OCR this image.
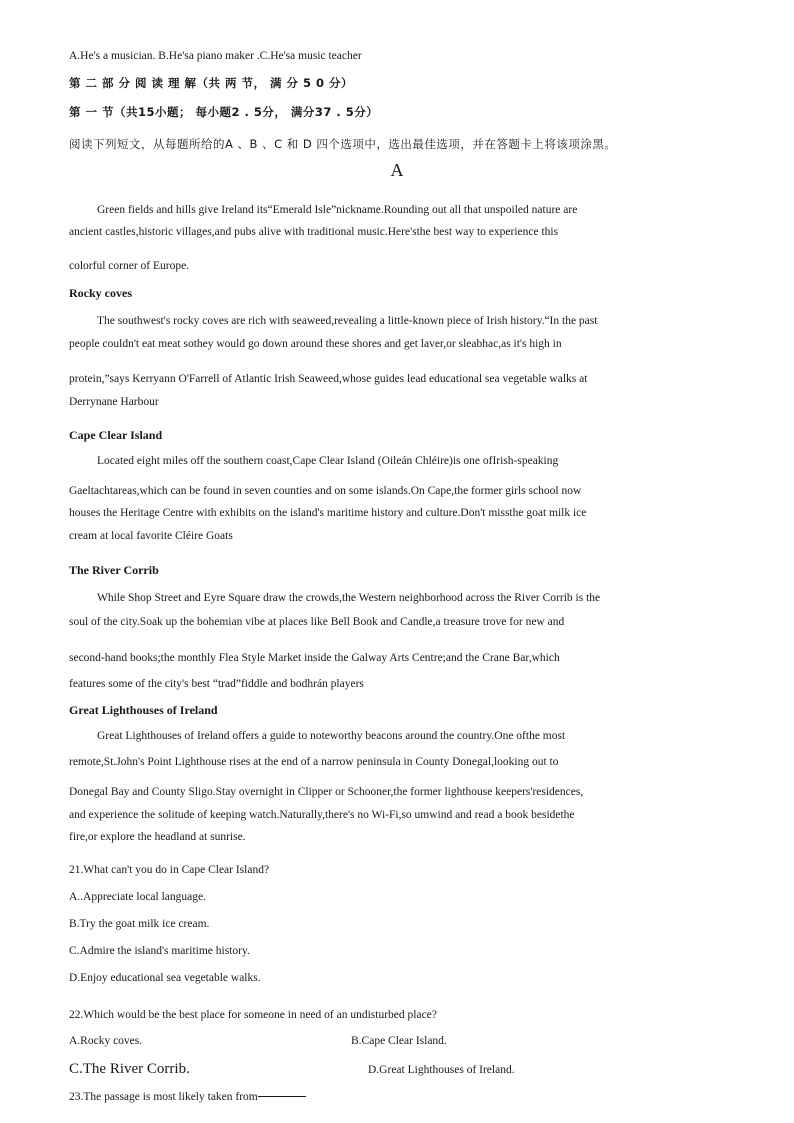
A.He's a musician. B.He'sa piano maker .C.He'sa music teacher
第 二 部 分 阅 读 理 解（共 两 节， 满 分 5 0 分）
第 一 节（共15小题； 每小题2 . 5分， 满分37 . 5分）
阅读下列短文，从每题所给的A 、B 、C 和 D 四个选项中，选出最佳选项，并在答题卡上将该项涂黑。
A
Green fields and hills give Ireland its“Emerald Isle”nickname.Rounding out all that unspoiled nature are
ancient castles,historic villages,and pubs alive with traditional music.Here'sthe best way to experience this
colorful corner of Europe.
Rocky coves
The southwest's rocky coves are rich with seaweed,revealing a little-known piece of Irish history.“In the past
people couldn't eat meat sothey would go down around these shores and get laver,or sleabhac,as it's high in
protein,”says Kerryann O'Farrell of Atlantic Irish Seaweed,whose guides lead educational sea vegetable walks at
Derrynane Harbour
Cape Clear Island
Located eight miles off the southern coast,Cape Clear Island (Oileán Chléire)is one ofIrish-speaking
Gaeltachtareas,which can be found in seven counties and on some islands.On Cape,the former girls school now
houses the Heritage Centre with exhibits on the island's maritime history and culture.Don't missthe goat milk ice
cream at local favorite Cléire Goats
The River Corrib
While Shop Street and Eyre Square draw the crowds,the Western neighborhood across the River Corrib is the
soul of the city.Soak up the bohemian vibe at places like Bell Book and Candle,a treasure trove for new and
second-hand books;the monthly Flea Style Market inside the Galway Arts Centre;and the Crane Bar,which
features some of the city's best “trad”fiddle and bodhrán players
Great Lighthouses of Ireland
Great Lighthouses of Ireland offers a guide to noteworthy beacons around the country.One ofthe most
remote,St.John's Point Lighthouse rises at the end of a narrow peninsula in County Donegal,looking out to
Donegal Bay and County Sligo.Stay overnight in Clipper or Schooner,the former lighthouse keepers'residences,
and experience the solitude of keeping watch.Naturally,there's no Wi-Fi,so umwind and read a book besidethe
fire,or explore the headland at sunrise.
21.What can't you do in Cape Clear Island?
A..Appreciate local language.
B.Try the goat milk ice cream.
C.Admire the island's maritime history.
D.Enjoy educational sea vegetable walks.
22.Which would be the best place for someone in need of an undisturbed place?
A.Rocky coves.	B.Cape Clear Island.
C.The River Corrib.	D.Great Lighthouses of Ireland.
23.The passage is most likely taken from
